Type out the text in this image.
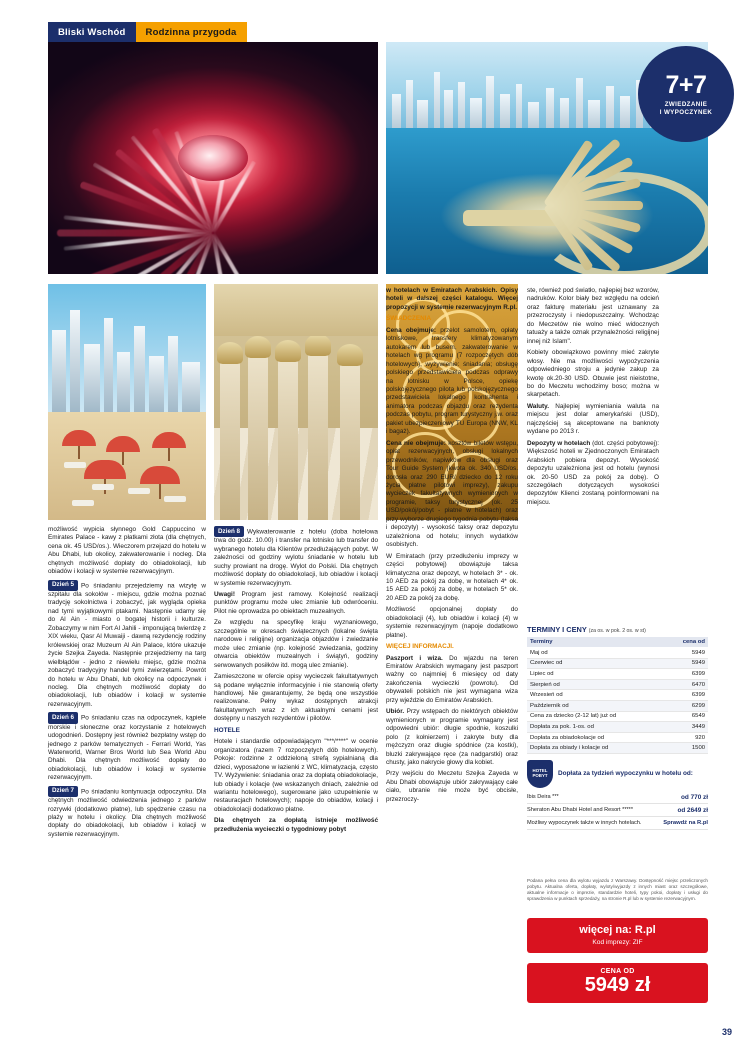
Bliski Wschód	Rodzinna przygoda
7+7
ZWIEDZANIE
I WYPOCZYNEK

możliwość wypicia słynnego Gold Cappuccino w Emirates Palace - kawy z płatkami złota (dla chętnych, cena ok. 45 USD/os.). Wieczorem przejazd do hotelu w Abu Dhabi, lub okolicy, zakwaterowanie i nocleg. Dla chętnych możliwość dopłaty do obiadokolacji, lub obiadów i kolacji w systemie rezerwacyjnym.

Dzień 5 Po śniadaniu przejedziemy na wizytę w szpitalu dla sokołów - miejscu, gdzie można poznać tradycję sokolnictwa i zobaczyć, jak wygląda opieka nad tymi wyjątkowymi ptakami. Następnie udamy się do Al Ain - miasto o bogatej historii i kulturze. Zobaczymy w nim Fort Al Jahili - imponującą twierdzę z XIX wieku, Qasr Al Muwaiji - dawną rezydencję rodziny królewskiej oraz Muzeum Al Ain Palace, które ukazuje życie Szejka Zayeda. Następnie przejedziemy na targ wielbłądów - jedno z niewielu miejsc, gdzie można zobaczyć tradycyjny handel tymi zwierzętami. Powrót do hotelu w Abu Dhabi, lub okolicy na odpoczynek i nocleg. Dla chętnych możliwość dopłaty do obiadokolacji, lub obiadów i kolacji w systemie rezerwacyjnym.

Dzień 6 Po śniadaniu czas na odpoczynek, kąpiele morskie i słoneczne oraz korzystanie z hotelowych udogodnień. Dostępny jest również bezpłatny wstęp do jednego z parków tematycznych - Ferrari World, Yas Waterworld, Warner Bros World lub Sea World Abu Dhabi. Dla chętnych możliwość dopłaty do obiadokolacji, lub obiadów i kolacji w systemie rezerwacyjnym.

Dzień 7 Po śniadaniu kontynuacja odpoczynku. Dla chętnych możliwość odwiedzenia jednego z parków rozrywki (dodatkowo płatne), lub spędzenie czasu na plaży w hotelu i okolicy. Dla chętnych możliwość dopłaty do obiadokolacji, lub obiadów i kolacji w systemie rezerwacyjnym.

Dzień 8 Wykwaterowanie z hotelu (doba hotelowa trwa do godz. 10.00) i transfer na lotnisko lub transfer do wybranego hotelu dla Klientów przedłużających pobyt. W zależności od godziny wylotu śniadanie w hotelu lub suchy prowiant na drogę. Wylot do Polski. Dla chętnych możliwość dopłaty do obiadokolacji, lub obiadów i kolacji w systemie rezerwacyjnym.

Uwagi! Program jest ramowy. Kolejność realizacji punktów programu może ulec zmianie lub odwróceniu. Pilot nie oprowadza po obiektach muzealnych.

Ze względu na specyfikę kraju wyznaniowego, szczególnie w okresach świątecznych (lokalne święta narodowe i religijne) organizacja objazdów i zwiedzanie może ulec zmianie (np. kolejność zwiedzania, godziny otwarcia obiektów muzealnych i świątyń, godziny serwowanych posiłków itd. mogą ulec zmianie).

Zamieszczone w ofercie opisy wycieczek fakultatywnych są podane wyłącznie informacyjnie i nie stanowią oferty handlowej. Nie gwarantujemy, że będą one wszystkie realizowane. Pełny wykaz dostępnych atrakcji fakultatywnych wraz z ich aktualnymi cenami jest dostępny u naszych rezydentów i pilotów.

HOTELE

Hotele i standardie odpowiadającym "***/****" w ocenie organizatora (razem 7 rozpoczętych dób hotelowych). Pokoje: rodzinne z oddzieloną strefą sypialnianą dla dzieci, wyposażone w łazienki z WC, klimatyzacja, często TV. Wyżywienie: śniadania oraz za dopłatą obiadokolacje, lub obiady i kolacje (we wskazanych dniach, zależnie od wariantu hotelowego), sugerowane jako uzupełnienie w restauracjach hotelowych); napoje do obiadów, kolacji i obiadokolacji dodatkowo płatne.

Dla chętnych za dopłatą istnieje możliwość przedłużenia wycieczki o tygodniowy pobyt

w hotelach w Emiratach Arabskich. Opisy hoteli w dalszej części katalogu. Więcej propozycji w systemie rezerwacyjnym R.pl.

ŚWIADCZENIA

Cena obejmuje: przelot samolotem, opłaty lotniskowe, transfery klimatyzowanym autokarem lub busem, zakwaterowanie w hotelach wg programu (7 rozpoczętych dób hotelowych), wyżywienie: śniadania; obsługę polskiego przedstawiciela podczas odprawy na lotnisku w Polsce, opiekę polskojęzycznego pilota lub polskojęzycznego przedstawiciela lokalnego kontrahenta i animatora podczas objazdu oraz rezydenta podczas pobytu, program turystyczny j.w. oraz pakiet ubezpieczeniowy TU Europa (NNW, KL i bagaż).

Cena nie obejmuje: kosztów biletów wstępu, opłat rezerwacyjnych, obsługi lokalnych przewodników, napiwków dla obsługi oraz Tour Guide System (kwota ok. 340 USD/os. dorosła oraz 290 EUR/ dziecko do 12 roku życia płatne pilotowi imprezy), zakupu wycieczek fakultatywnych wymienionych w programie, taksy turystycznej (ok. 25 USD/pokój/pobyt - płatne w hotelach) oraz przy wyborze drugiego tygodnia pobytu (taksa i depozyty) - wysokość taksy oraz depozytu uzależniona od hotelu; innych wydatków osobistych.

W Emiratach (przy przedłużeniu imprezy w części pobytowej) obowiązuje taksa klimatyczna oraz depozyt, w hotelach 3* - ok. 10 AED za pokój za dobę, w hotelach 4* ok. 15 AED za pokój za dobę, w hotelach 5* ok. 20 AED za pokój za dobę.

Możliwość opcjonalnej dopłaty do obiadokolacji (4), lub obiadów i kolacji (4) w systemie rezerwacyjnym (napoje dodatkowo płatne).

WIĘCEJ INFORMACJI.

Paszport i wiza. Do wjazdu na teren Emiratów Arabskich wymagany jest paszport ważny co najmniej 6 miesięcy od daty zakończenia wycieczki (powrotu). Od obywateli polskich nie jest wymagana wiza przy wjeździe do Emiratów Arabskich.

Ubiór. Przy wstępach do niektórych obiektów wymienionych w programie wymagany jest odpowiedni ubiór: długie spodnie, koszulki polo (z kołnierzem) i zakryte buty dla mężczyzn oraz długie spódnice (za kostki), bluzki zakrywające ręce (za nadgarstki) oraz chusty, jako nakrycie głowy dla kobiet.

Przy wejściu do Meczetu Szejka Zayeda w Abu Dhabi obowiązuje ubiór zakrywający całe ciało, ubranie nie może być obcisłe, przezroczy-

ste, również pod światło, najlepiej bez wzorów, nadruków. Kolor biały bez względu na odcień oraz fakturę materiału jest uznawany za przezroczysty i niedopuszczalny. Wchodząc do Meczetów nie wolno mieć widocznych tatuaży a także oznak przynależności religijnej innej niż Islam".

Kobiety obowiązkowo powinny mieć zakryte włosy. Nie ma możliwości wypożyczenia odpowiedniego stroju a jedynie zakup za kwotę ok.20-30 USD. Obuwie jest nieistotne, bo do Meczetu wchodzimy boso; można w skarpetach.

Waluty. Najlepiej wymieniania waluta na miejscu jest dolar amerykański (USD), najczęściej są akceptowane na banknoty wydane po 2013 r.

Depozyty w hotelach (dot. części pobytowej): Większość hoteli w Zjednoczonych Emiratach Arabskich pobiera depozyt. Wysokość depozytu uzależniona jest od hotelu (wynosi ok. 20-50 USD za pokój za dobę). O szczegółach dotyczących wysokości depozytów Klienci zostaną poinformowani na miejscu.

TERMINY I CENY (za os. w pok. 2 os. w st)
Terminy	cena od
Maj od	5949
Czerwiec od	5949
Lipiec od	6399
Sierpień od	6470
Wrzesień od	6399
Październik od	6299
Cena za dziecko (2-12 lat) już od	6549
Dopłata za pok. 1-os. od	3449
Dopłata za obiadokolacje od	920
Dopłata za obiady i kolacje od	1500
HOTEL POBYT	Dopłata za tydzień wypoczynku w hotelu od:
Ibis Deira ***	od 770 zł
Sheraton Abu Dhabi Hotel and Resort *****	od 2649 zł
Możliwy wypoczynek także w innych hotelach.	Sprawdź na R.pl
Podana pełna cena dla wylotu wyjazdu z Warszawy. Dostępność miejsc przeliczonych pobytu. Aktualna oferta, dopłaty, wyloty/wyjazdy z innych miast oraz szczegółowe, aktualne informacje o imprezie, standardzie hoteli, typy pokoi, dopłaty i usługi do sprawdzenia w punktach sprzedaży, na stronie R.pl lub w systemie rezerwacyjnym.
więcej na: R.pl
Kod imprezy: ZIF
CENA OD
5949 zł
39
